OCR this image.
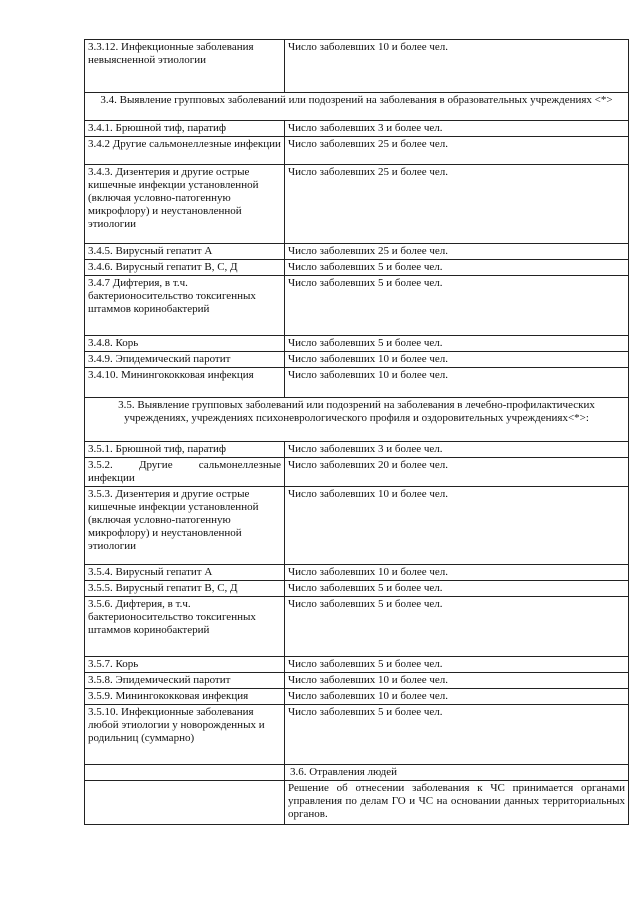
3.3.12. Инфекционные заболевания невыясненной этиологии	Число заболевших 10 и более чел.
3.4. Выявление групповых заболеваний или подозрений на заболевания в образовательных учреждениях <*>	
3.4.1. Брюшной тиф, паратиф	Число заболевших 3 и более чел.
3.4.2 Другие сальмонеллезные инфекции	Число заболевших 25 и более чел.
3.4.3. Дизентерия и другие острые кишечные инфекции установленной (включая условно-патогенную микрофлору) и неустановленной этиологии	Число заболевших 25 и более чел.
3.4.5. Вирусный гепатит А	Число заболевших 25 и более чел.
3.4.6. Вирусный гепатит В, С, Д	Число заболевших 5 и более чел.
3.4.7 Дифтерия, в т.ч. бактерионосительство токсигенных штаммов коринобактерий	Число заболевших 5 и более чел.
3.4.8. Корь	Число заболевших 5 и более чел.
3.4.9. Эпидемический паротит	Число заболевших 10 и более чел.
3.4.10. Минингококковая инфекция	Число заболевших 10 и более чел.
3.5. Выявление групповых заболеваний или подозрений на заболевания в лечебно-профилактических учреждениях, учреждениях психоневрологического профиля и оздоровительных учреждениях<*>:	
3.5.1. Брюшной тиф, паратиф	Число заболевших 3 и более чел.
3.5.2. Другие сальмонеллезные инфекции	Число заболевших 20 и более чел.
3.5.3. Дизентерия и другие острые кишечные инфекции установленной (включая условно-патогенную микрофлору) и неустановленной этиологии	Число заболевших 10 и более чел.
3.5.4. Вирусный гепатит А	Число заболевших 10 и более чел.
3.5.5. Вирусный гепатит В, С, Д	Число заболевших 5 и более чел.
3.5.6. Дифтерия, в т.ч. бактерионосительство токсигенных штаммов коринобактерий	Число заболевших 5 и более чел.
3.5.7. Корь	Число заболевших 5 и более чел.
3.5.8. Эпидемический паротит	Число заболевших 10 и более чел.
3.5.9. Минингококковая инфекция	Число заболевших 10 и более чел.
3.5.10. Инфекционные заболевания любой этиологии у новорожденных и родильниц (суммарно)	Число заболевших 5 и более чел.
	3.6. Отравления людей
	Решение об отнесении заболевания к ЧС принимается органами управления по делам ГО и ЧС на основании данных территориальных органов.
